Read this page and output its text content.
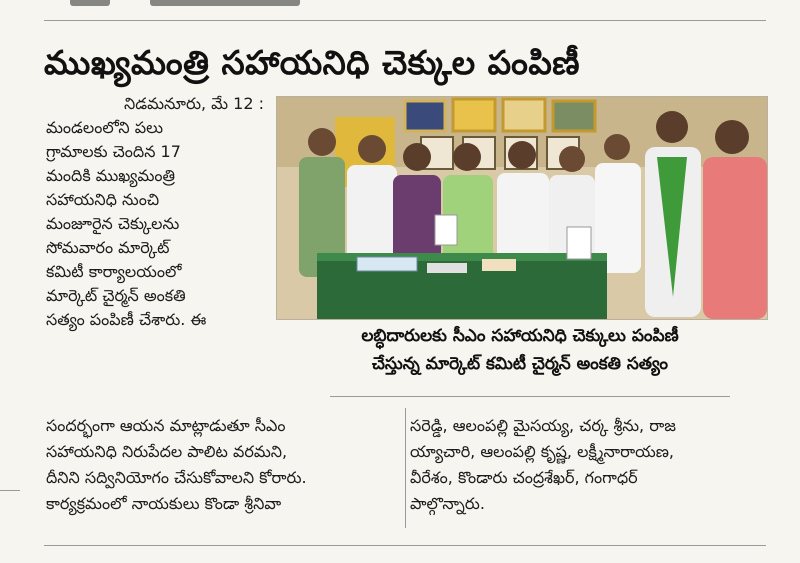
ముఖ్యమంత్రి సహాయనిధి చెక్కుల పంపిణీ

నిడమనూరు, మే 12 :

మండలంలోని పలు

గ్రామాలకు చెందిన 17

మందికి ముఖ్యమంత్రి

సహాయనిధి నుంచి

మంజూరైన చెక్కులను

సోమవారం మార్కెట్

కమిటీ కార్యాలయంలో

మార్కెట్ చైర్మన్ అంకతి

సత్యం పంపిణీ చేశారు. ఈ

లబ్ధిదారులకు సీఎం సహాయనిధి చెక్కులు పంపిణీ
చేస్తున్న మార్కెట్ కమిటీ చైర్మన్ అంకతి సత్యం
సందర్భంగా ఆయన మాట్లాడుతూ సీఎం
సహాయనిధి నిరుపేదల పాలిట వరమని,
దీనిని సద్వినియోగం చేసుకోవాలని కోరారు.
కార్యక్రమంలో నాయకులు కొండా శ్రీనివా
సరెడ్డి, ఆలంపల్లి మైసయ్య, చర్క శ్రీను, రాజ
య్యాచారి, ఆలంపల్లి కృష్ణ, లక్ష్మీనారాయణ,
వీరేశం, కొండారు చంద్రశేఖర్, గంగాధర్
పాల్గొన్నారు.
